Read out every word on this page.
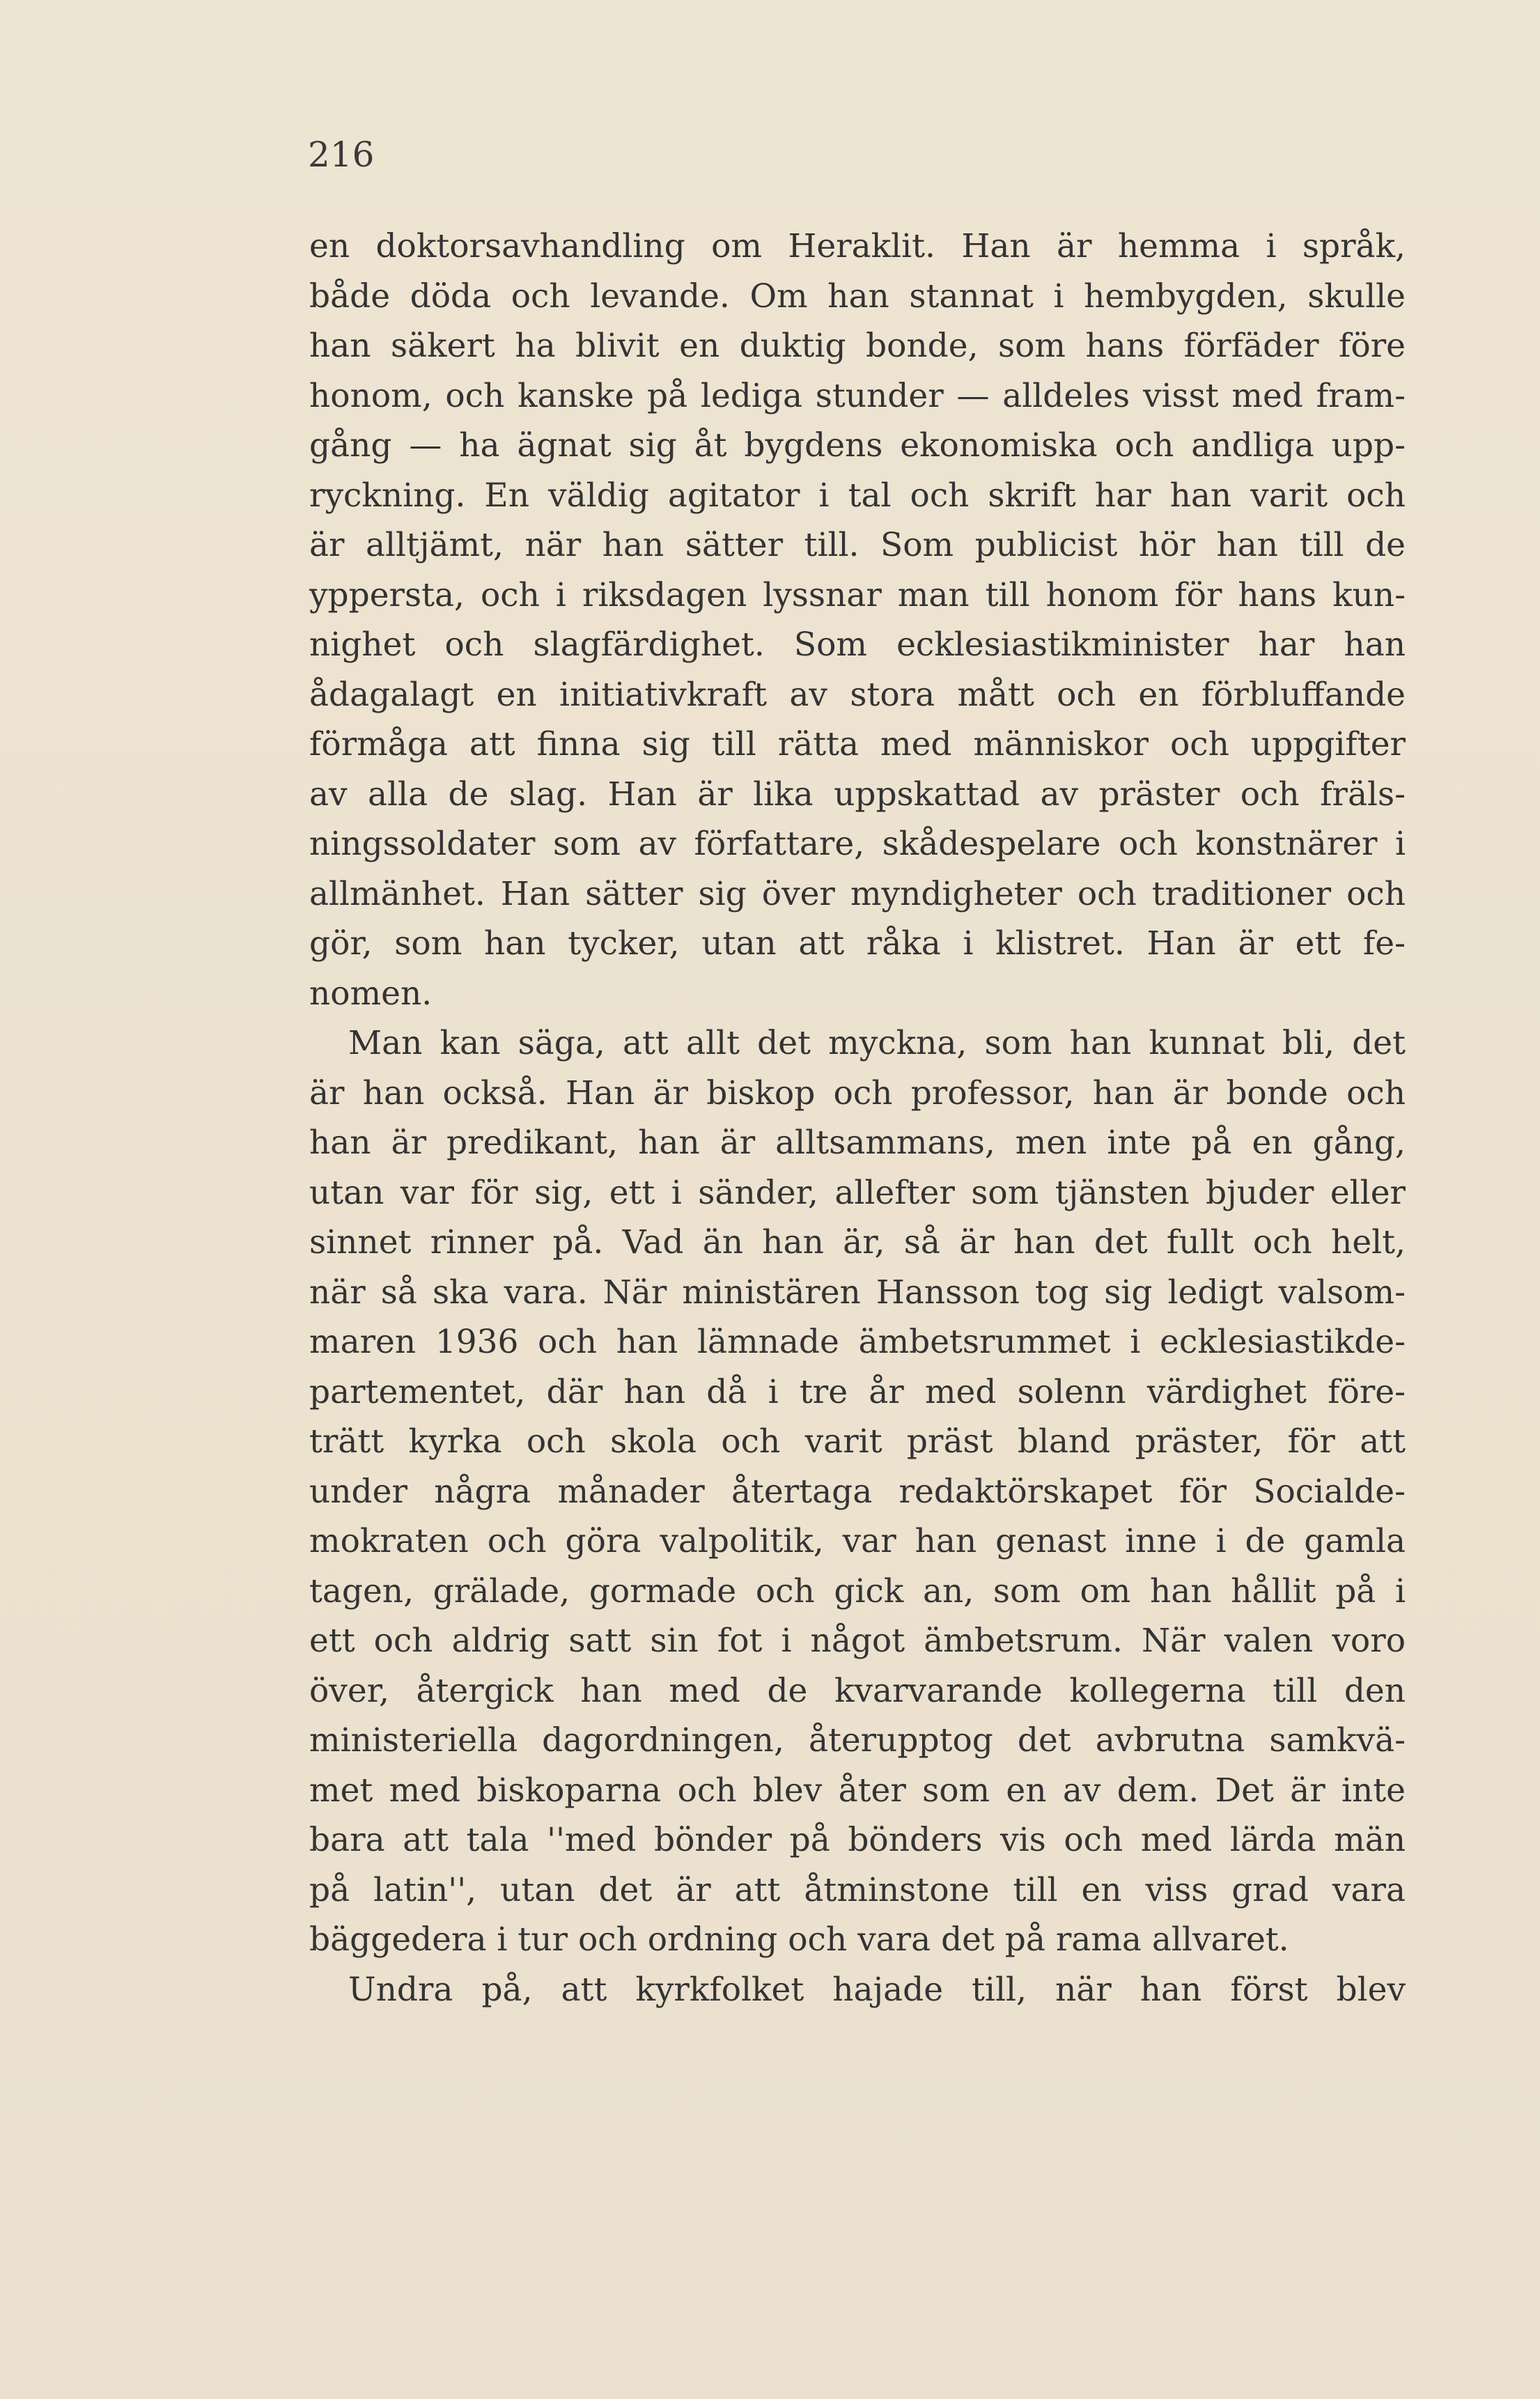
216
en doktorsavhandling om Heraklit. Han är hemma i språk,
både döda och levande. Om han stannat i hembygden, skulle
han säkert ha blivit en duktig bonde, som hans förfäder före
honom, och kanske på lediga stunder — alldeles visst med fram-
gång — ha ägnat sig åt bygdens ekonomiska och andliga upp-
ryckning. En väldig agitator i tal och skrift har han varit och
är alltjämt, när han sätter till. Som publicist hör han till de
yppersta, och i riksdagen lyssnar man till honom för hans kun-
nighet och slagfärdighet. Som ecklesiastikminister har han
ådagalagt en initiativkraft av stora mått och en förbluffande
förmåga att finna sig till rätta med människor och uppgifter
av alla de slag. Han är lika uppskattad av präster och fräls-
ningssoldater som av författare, skådespelare och konstnärer i
allmänhet. Han sätter sig över myndigheter och traditioner och
gör, som han tycker, utan att råka i klistret. Han är ett fe-
nomen.
Man kan säga, att allt det myckna, som han kunnat bli, det
är han också. Han är biskop och professor, han är bonde och
han är predikant, han är alltsammans, men inte på en gång,
utan var för sig, ett i sänder, allefter som tjänsten bjuder eller
sinnet rinner på. Vad än han är, så är han det fullt och helt,
när så ska vara. När ministären Hansson tog sig ledigt valsom-
maren 1936 och han lämnade ämbetsrummet i ecklesiastikde-
partementet, där han då i tre år med solenn värdighet före-
trätt kyrka och skola och varit präst bland präster, för att
under några månader återtaga redaktörskapet för Socialde-
mokraten och göra valpolitik, var han genast inne i de gamla
tagen, grälade, gormade och gick an, som om han hållit på i
ett och aldrig satt sin fot i något ämbetsrum. När valen voro
över, återgick han med de kvarvarande kollegerna till den
ministeriella dagordningen, återupptog det avbrutna samkvä-
met med biskoparna och blev åter som en av dem. Det är inte
bara att tala ''med bönder på bönders vis och med lärda män
på latin'', utan det är att åtminstone till en viss grad vara
bäggedera i tur och ordning och vara det på rama allvaret.
Undra på, att kyrkfolket hajade till, när han först blev
